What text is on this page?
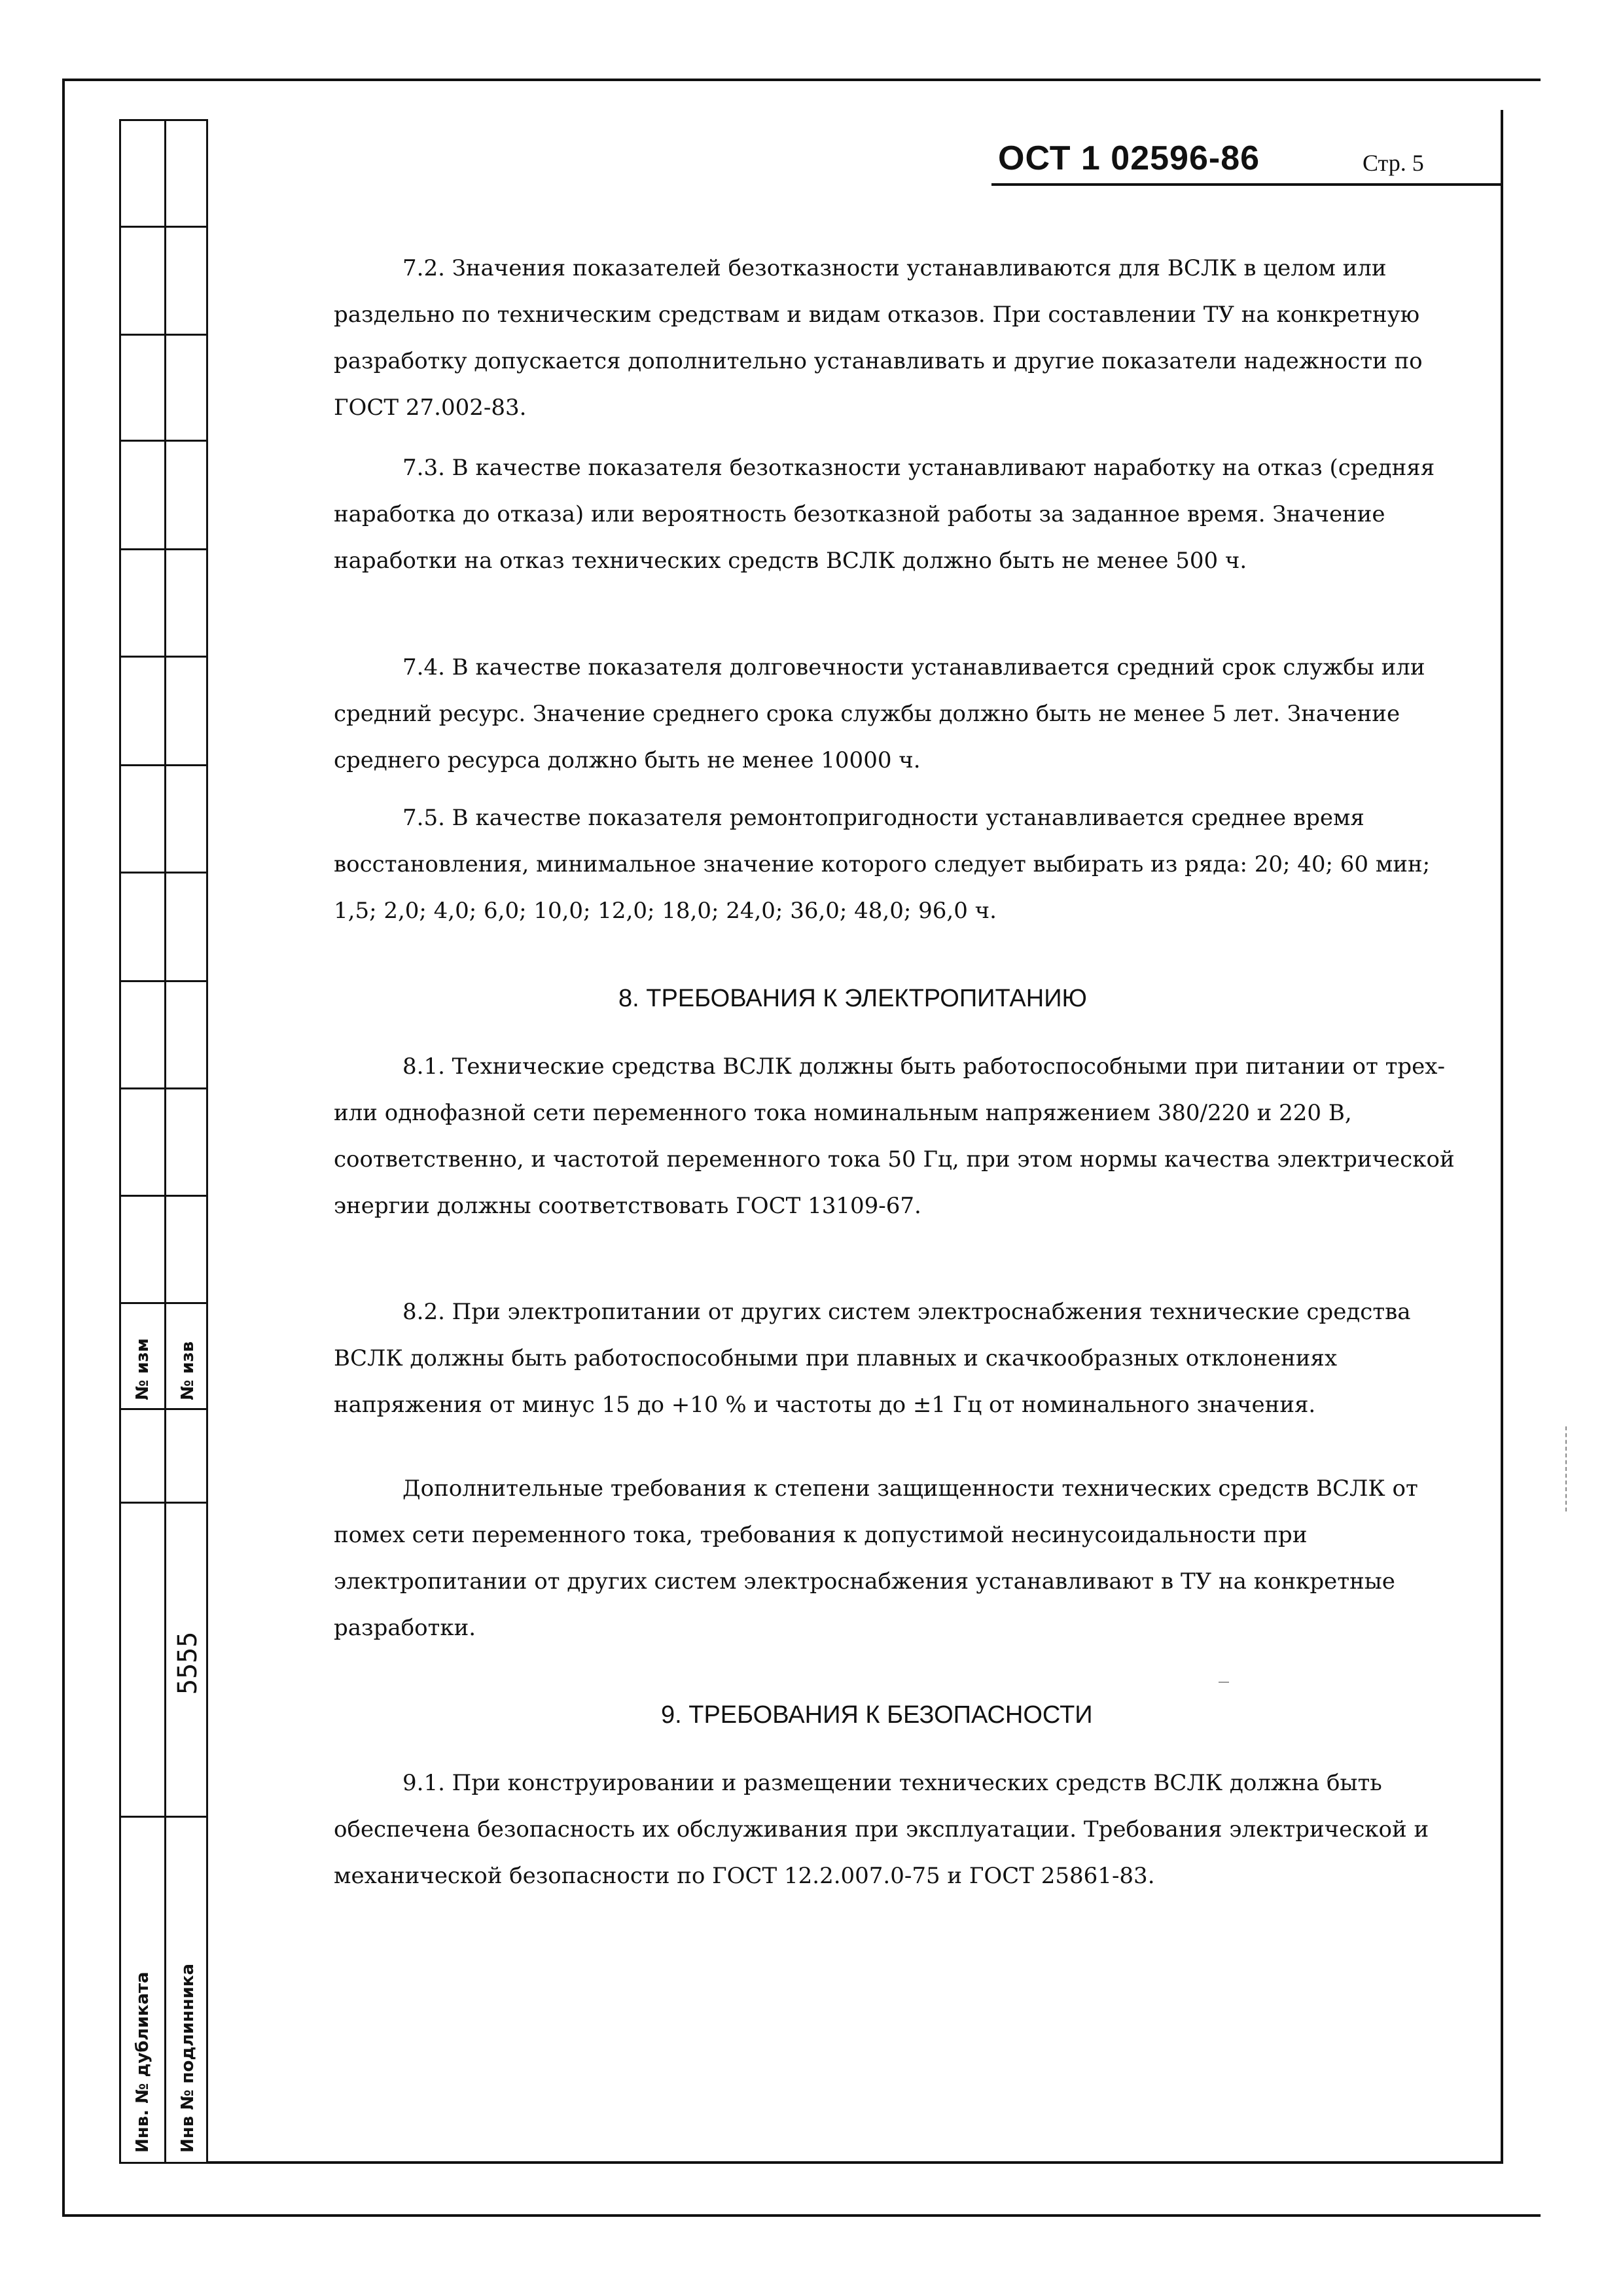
№ изм № изв
5555
Инв. № дубликата Инв № подлинника
ОСТ 1 02596-86	Стр. 5

7.2. Значения показателей безотказности устанавливаются для ВСЛК в целом или раздельно по техническим средствам и видам отказов. При составлении ТУ на конкретную разработку допускается дополнительно устанавливать и другие показатели надежности по ГОСТ 27.002-83.

7.3. В качестве показателя безотказности устанавливают наработку на отказ (средняя наработка до отказа) или вероятность безотказной работы за заданное время. Значение наработки на отказ технических средств ВСЛК должно быть не менее 500 ч.

7.4. В качестве показателя долговечности устанавливается средний срок службы или средний ресурс. Значение среднего срока службы должно быть не менее 5 лет. Значение среднего ресурса должно быть не менее 10000 ч.

7.5. В качестве показателя ремонтопригодности устанавливается среднее время восстановления, минимальное значение которого следует выбирать из ряда: 20; 40; 60 мин; 1,5; 2,0; 4,0; 6,0; 10,0; 12,0; 18,0; 24,0; 36,0; 48,0; 96,0 ч.

8. ТРЕБОВАНИЯ К ЭЛЕКТРОПИТАНИЮ

8.1. Технические средства ВСЛК должны быть работоспособными при питании от трех- или однофазной сети переменного тока номинальным напряжением 380/220 и 220 В, соответственно, и частотой переменного тока 50 Гц, при этом нормы качества электрической энергии должны соответствовать ГОСТ 13109-67.

8.2. При электропитании от других систем электроснабжения технические средства ВСЛК должны быть работоспособными при плавных и скачкообразных отклонениях напряжения от минус 15 до +10 % и частоты до ±1 Гц от номинального значения.

Дополнительные требования к степени защищенности технических средств ВСЛК от помех сети переменного тока, требования к допустимой несинусоидальности при электропитании от других систем электроснабжения устанавливают в ТУ на конкретные разработки.

9. ТРЕБОВАНИЯ К БЕЗОПАСНОСТИ

9.1. При конструировании и размещении технических средств ВСЛК должна быть обеспечена безопасность их обслуживания при эксплуатации. Требования электрической и механической безопасности по ГОСТ 12.2.007.0-75 и ГОСТ 25861-83.
